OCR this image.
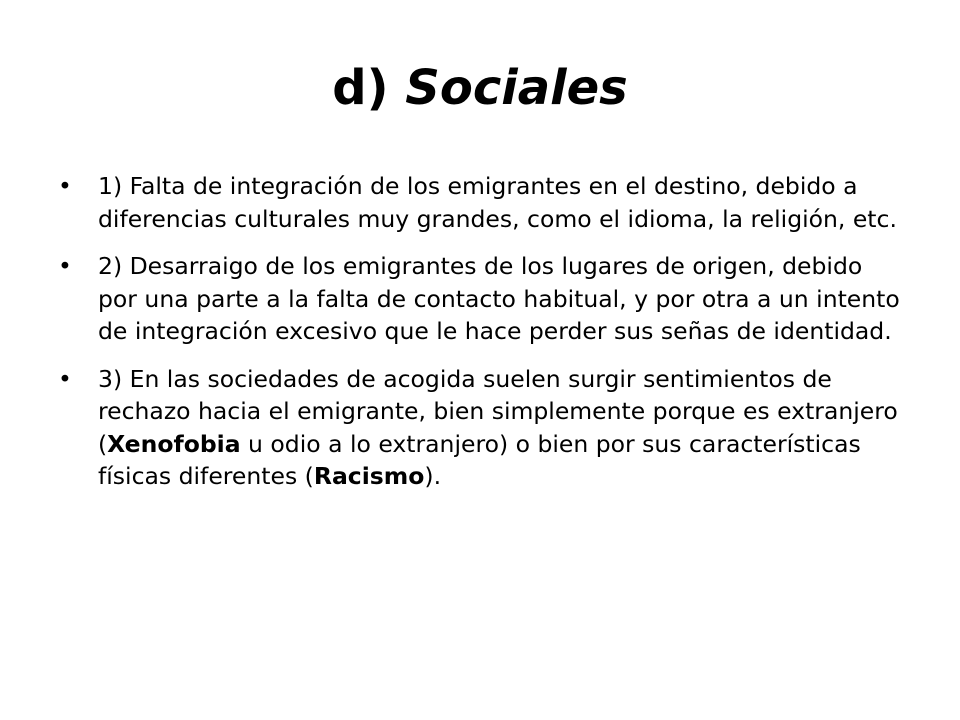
d) Sociales
•	1) Falta de integración de los emigrantes en el destino, debido a diferencias culturales muy grandes, como el idioma, la religión, etc.
•	2) Desarraigo de los emigrantes de los lugares de origen, debido por una parte a la falta de contacto habitual, y por otra a un intento de integración excesivo que le hace perder sus señas de identidad.
•	3) En las sociedades de acogida suelen surgir sentimientos de rechazo hacia el emigrante, bien simplemente porque es extranjero (Xenofobia u odio a lo extranjero) o bien por sus características físicas diferentes (Racismo).
